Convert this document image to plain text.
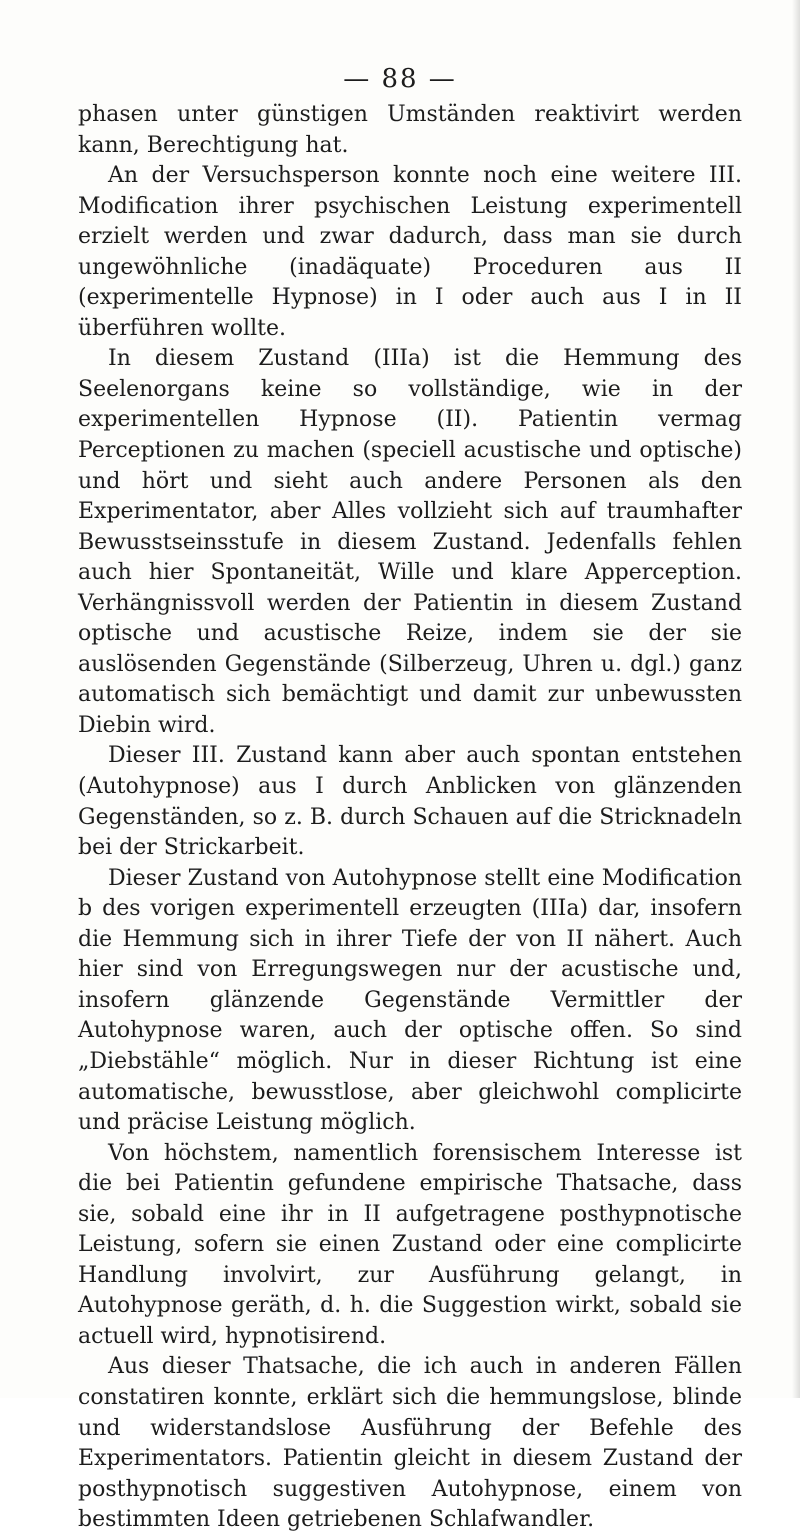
— 88 —

phasen unter günstigen Umständen reaktivirt werden kann, Berechtigung hat.

An der Versuchsperson konnte noch eine weitere III. Modification ihrer psychischen Leistung experimentell erzielt werden und zwar dadurch, dass man sie durch ungewöhnliche (inadäquate) Proceduren aus II (experimentelle Hypnose) in I oder auch aus I in II überführen wollte.

In diesem Zustand (IIIa) ist die Hemmung des Seelenorgans keine so vollständige, wie in der experimentellen Hypnose (II). Patientin vermag Perceptionen zu machen (speciell acustische und optische) und hört und sieht auch andere Personen als den Experimentator, aber Alles vollzieht sich auf traumhafter Bewusstseinsstufe in diesem Zustand. Jedenfalls fehlen auch hier Spontaneität, Wille und klare Apperception. Verhängnissvoll werden der Patientin in diesem Zustand optische und acustische Reize, indem sie der sie auslösenden Gegenstände (Silberzeug, Uhren u. dgl.) ganz automatisch sich bemächtigt und damit zur unbewussten Diebin wird.

Dieser III. Zustand kann aber auch spontan entstehen (Autohypnose) aus I durch Anblicken von glänzenden Gegenständen, so z. B. durch Schauen auf die Stricknadeln bei der Strickarbeit.

Dieser Zustand von Autohypnose stellt eine Modification b des vorigen experimentell erzeugten (IIIa) dar, insofern die Hemmung sich in ihrer Tiefe der von II nähert. Auch hier sind von Erregungswegen nur der acustische und, insofern glänzende Gegenstände Vermittler der Autohypnose waren, auch der optische offen. So sind „Diebstähle“ möglich. Nur in dieser Richtung ist eine automatische, bewusstlose, aber gleichwohl complicirte und präcise Leistung möglich.

Von höchstem, namentlich forensischem Interesse ist die bei Patientin gefundene empirische Thatsache, dass sie, sobald eine ihr in II aufgetragene posthypnotische Leistung, sofern sie einen Zustand oder eine complicirte Handlung involvirt, zur Ausführung gelangt, in Autohypnose geräth, d. h. die Suggestion wirkt, sobald sie actuell wird, hypnotisirend.

Aus dieser Thatsache, die ich auch in anderen Fällen constatiren konnte, erklärt sich die hemmungslose, blinde und widerstandslose Ausführung der Befehle des Experimentators. Patientin gleicht in diesem Zustand der posthypnotisch suggestiven Autohypnose, einem von bestimmten Ideen getriebenen Schlafwandler.
